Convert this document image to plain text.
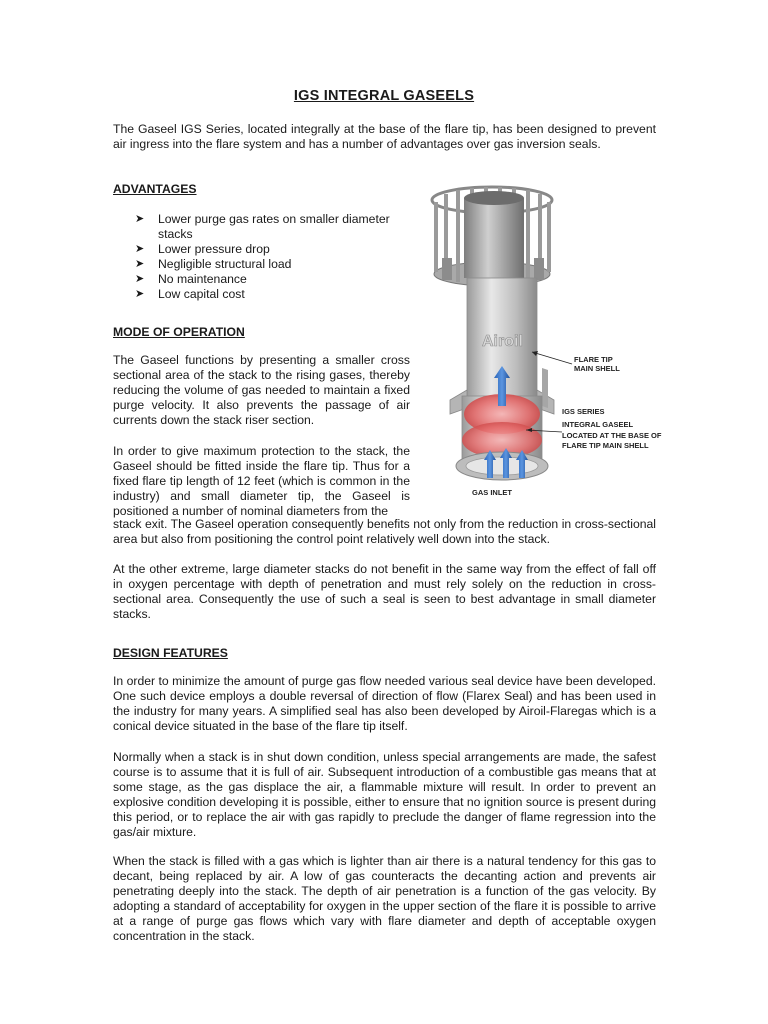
IGS INTEGRAL GASEELS

The Gaseel IGS Series, located integrally at the base of the flare tip, has been designed to prevent air ingress into the flare system and has a number of advantages over gas inversion seals.

ADVANTAGES
➤ Lower purge gas rates on smaller diameter stacks
➤ Lower pressure drop
➤ Negligible structural load
➤ No maintenance
➤ Low capital cost
MODE OF OPERATION

The Gaseel functions by presenting a smaller cross sectional area of the stack to the rising gases, thereby reducing the volume of gas needed to maintain a fixed purge velocity. It also prevents the passage of air currents down the stack riser section.

In order to give maximum protection to the stack, the Gaseel should be fitted inside the flare tip. Thus for a fixed flare tip length of 12 feet (which is common in the industry) and small diameter tip, the Gaseel is positioned a number of nominal diameters from the

stack exit. The Gaseel operation consequently benefits not only from the reduction in cross-sectional area but also from positioning the control point relatively well down into the stack.

At the other extreme, large diameter stacks do not benefit in the same way from the effect of fall off in oxygen percentage with depth of penetration and must rely solely on the reduction in cross-sectional area. Consequently the use of such a seal is seen to best advantage in small diameter stacks.

DESIGN FEATURES

In order to minimize the amount of purge gas flow needed various seal device have been developed. One such device employs a double reversal of direction of flow (Flarex Seal) and has been used in the industry for many years. A simplified seal has also been developed by Airoil-Flaregas which is a conical device situated in the base of the flare tip itself.

Normally when a stack is in shut down condition, unless special arrangements are made, the safest course is to assume that it is full of air. Subsequent introduction of a combustible gas means that at some stage, as the gas displace the air, a flammable mixture will result. In order to prevent an explosive condition developing it is possible, either to ensure that no ignition source is present during this period, or to replace the air with gas rapidly to preclude the danger of flame regression into the gas/air mixture.

When the stack is filled with a gas which is lighter than air there is a natural tendency for this gas to decant, being replaced by air. A low of gas counteracts the decanting action and prevents air penetrating deeply into the stack. The depth of air penetration is a function of the gas velocity. By adopting a standard of acceptability for oxygen in the upper section of the flare it is possible to arrive at a range of purge gas flows which vary with flare diameter and depth of acceptable oxygen concentration in the stack.

Airoil
FLARE TIP
MAIN SHELL
IGS SERIES
INTEGRAL GASEEL
LOCATED AT THE BASE OF
FLARE TIP MAIN SHELL
GAS INLET
